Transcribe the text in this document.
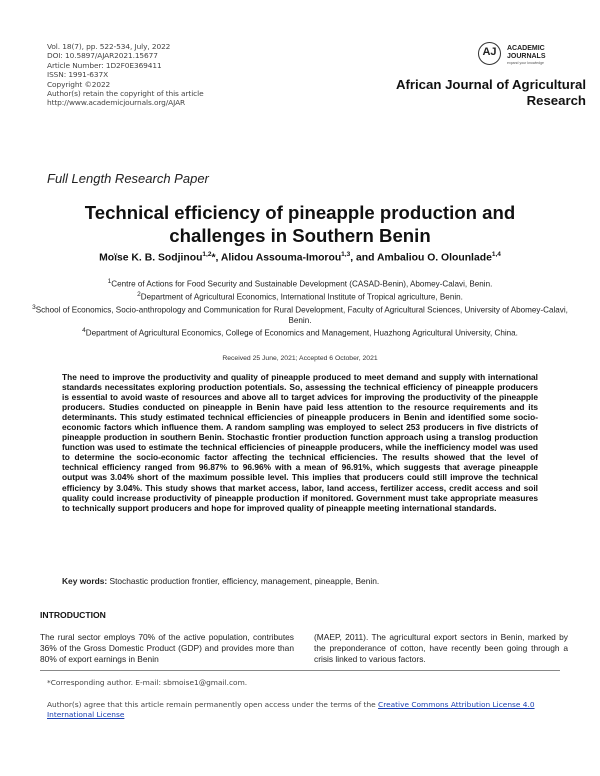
Vol. 18(7), pp. 522-534, July, 2022
DOI: 10.5897/AJAR2021.15677
Article Number: 1D2F0E369411
ISSN: 1991-637X
Copyright ©2022
Author(s) retain the copyright of this article
http://www.academicjournals.org/AJAR
AJ	ACADEMIC
JOURNALS
expand your knowledge
African Journal of Agricultural
Research
Full Length Research Paper
Technical efficiency of pineapple production and
challenges in Southern Benin
Moïse K. B. Sodjinou$^{1,2}$*, Alidou Assouma-Imorou$^{1,3}$, and Ambaliou O. Olounlade$^{1,4}$

$^1$Centre of Actions for Food Security and Sustainable Development (CASAD-Benin), Abomey-Calavi, Benin.

$^2$Department of Agricultural Economics, International Institute of Tropical agriculture, Benin.

$^3$School of Economics, Socio-anthropology and Communication for Rural Development, Faculty of Agricultural Sciences, University of Abomey-Calavi, Benin.

$^4$Department of Agricultural Economics, College of Economics and Management, Huazhong Agricultural University, China.

Received 25 June, 2021; Accepted 6 October, 2021
The need to improve the productivity and quality of pineapple produced to meet demand and supply with international standards necessitates exploring production potentials. So, assessing the technical efficiency of pineapple producers is essential to avoid waste of resources and above all to target advices for improving the productivity of the pineapple producers. Studies conducted on pineapple in Benin have paid less attention to the resource requirements and its determinants. This study estimated technical efficiencies of pineapple producers in Benin and identified some socio-economic factors which influence them. A random sampling was employed to select 253 producers in five districts of pineapple production in southern Benin. Stochastic frontier production function approach using a translog production function was used to estimate the technical efficiencies of pineapple producers, while the inefficiency model was used to determine the socio-economic factor affecting the technical efficiencies. The results showed that the level of technical efficiency ranged from 96.87% to 96.96% with a mean of 96.91%, which suggests that average pineapple output was 3.04% short of the maximum possible level. This implies that producers could still improve the technical efficiency by 3.04%. This study shows that market access, labor, land access, fertilizer access, credit access and soil quality could increase productivity of pineapple production if monitored. Government must take appropriate measures to technically support producers and hope for improved quality of pineapple meeting international standards.
Key words: Stochastic production frontier, efficiency, management, pineapple, Benin.
INTRODUCTION
The rural sector employs 70% of the active population, contributes 36% of the Gross Domestic Product (GDP) and provides more than 80% of export earnings in Benin
(MAEP, 2011). The agricultural export sectors in Benin, marked by the preponderance of cotton, have recently been going through a crisis linked to various factors.
*Corresponding author. E-mail: sbmoise1@gmail.com.
Author(s) agree that this article remain permanently open access under the terms of the Creative Commons Attribution License 4.0 International License
